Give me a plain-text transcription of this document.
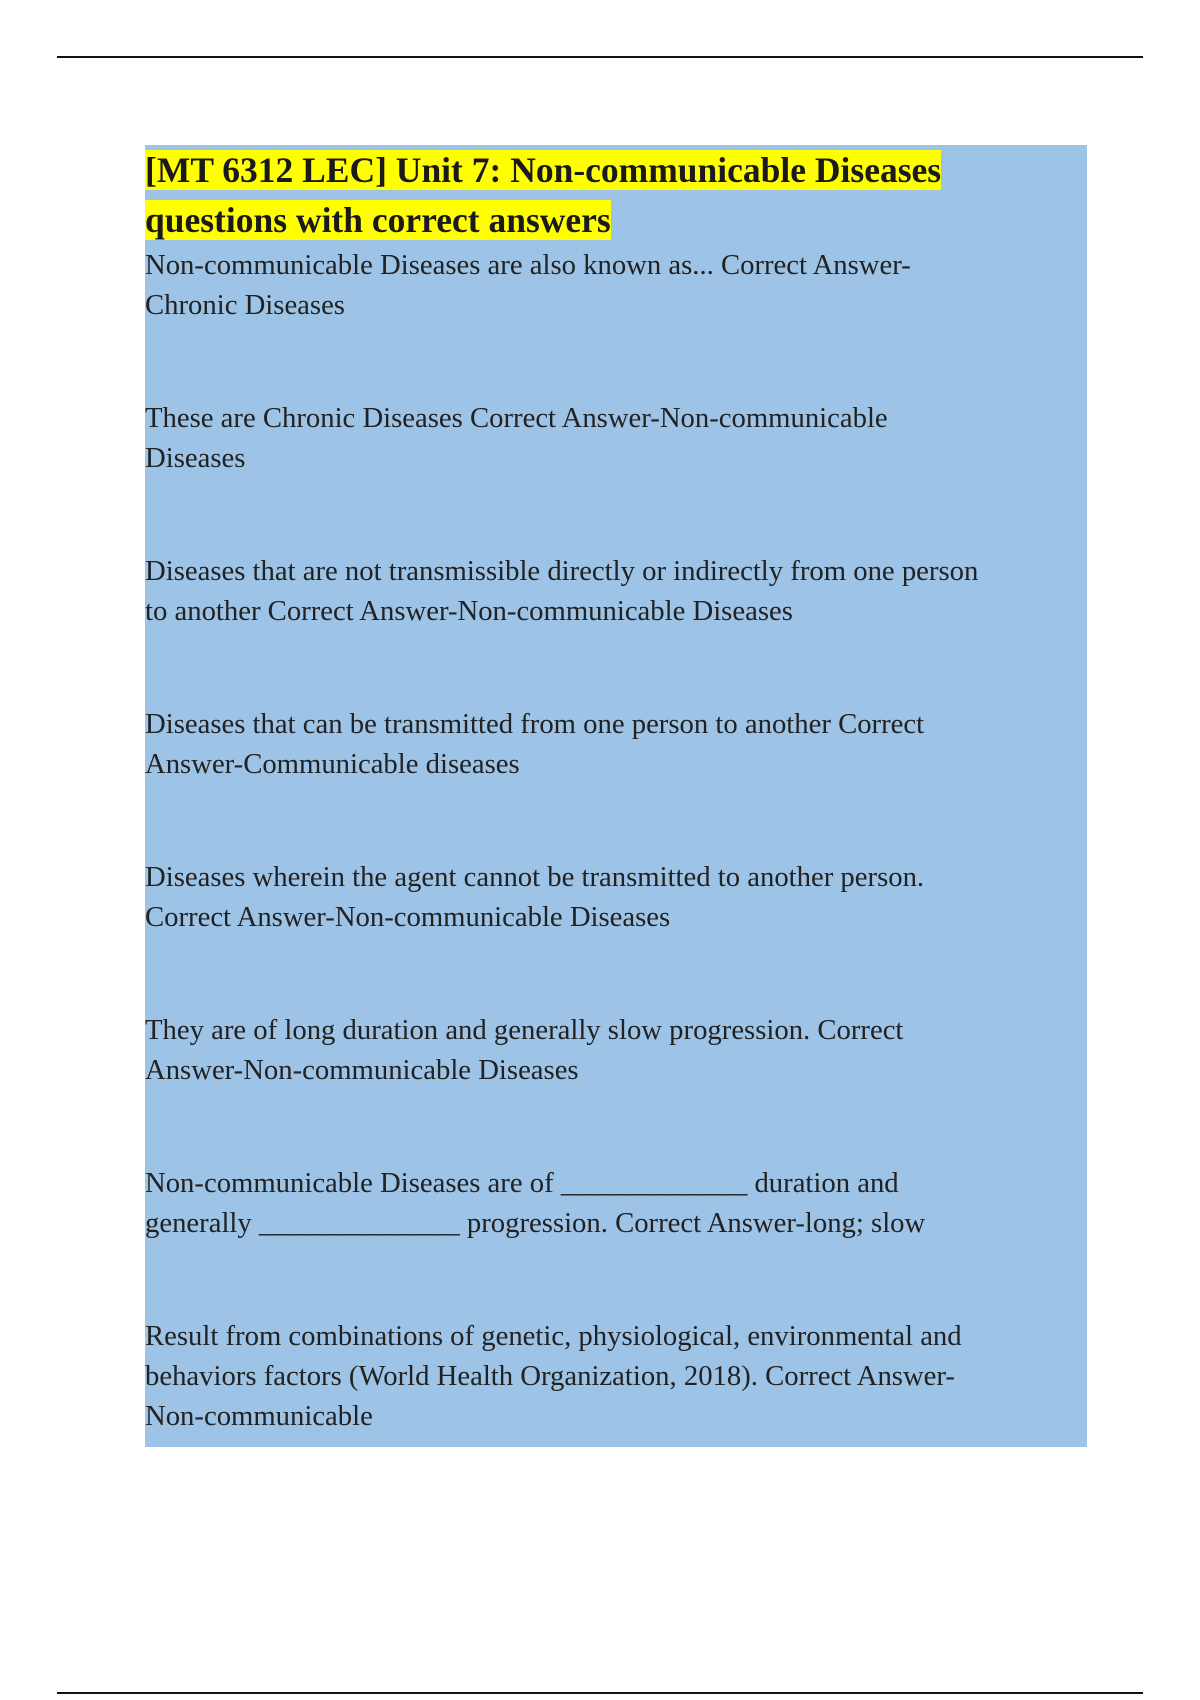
[MT 6312 LEC] Unit 7: Non-communicable Diseases
questions with correct answers

Non-communicable Diseases are also known as... Correct Answer-
Chronic Diseases

These are Chronic Diseases Correct Answer-Non-communicable
Diseases

Diseases that are not transmissible directly or indirectly from one person
to another Correct Answer-Non-communicable Diseases

Diseases that can be transmitted from one person to another Correct
Answer-Communicable diseases

Diseases wherein the agent cannot be transmitted to another person.
Correct Answer-Non-communicable Diseases

They are of long duration and generally slow progression. Correct
Answer-Non-communicable Diseases

Non-communicable Diseases are of _____________ duration and
generally ______________ progression. Correct Answer-long; slow

Result from combinations of genetic, physiological, environmental and
behaviors factors (World Health Organization, 2018). Correct Answer-
Non-communicable
